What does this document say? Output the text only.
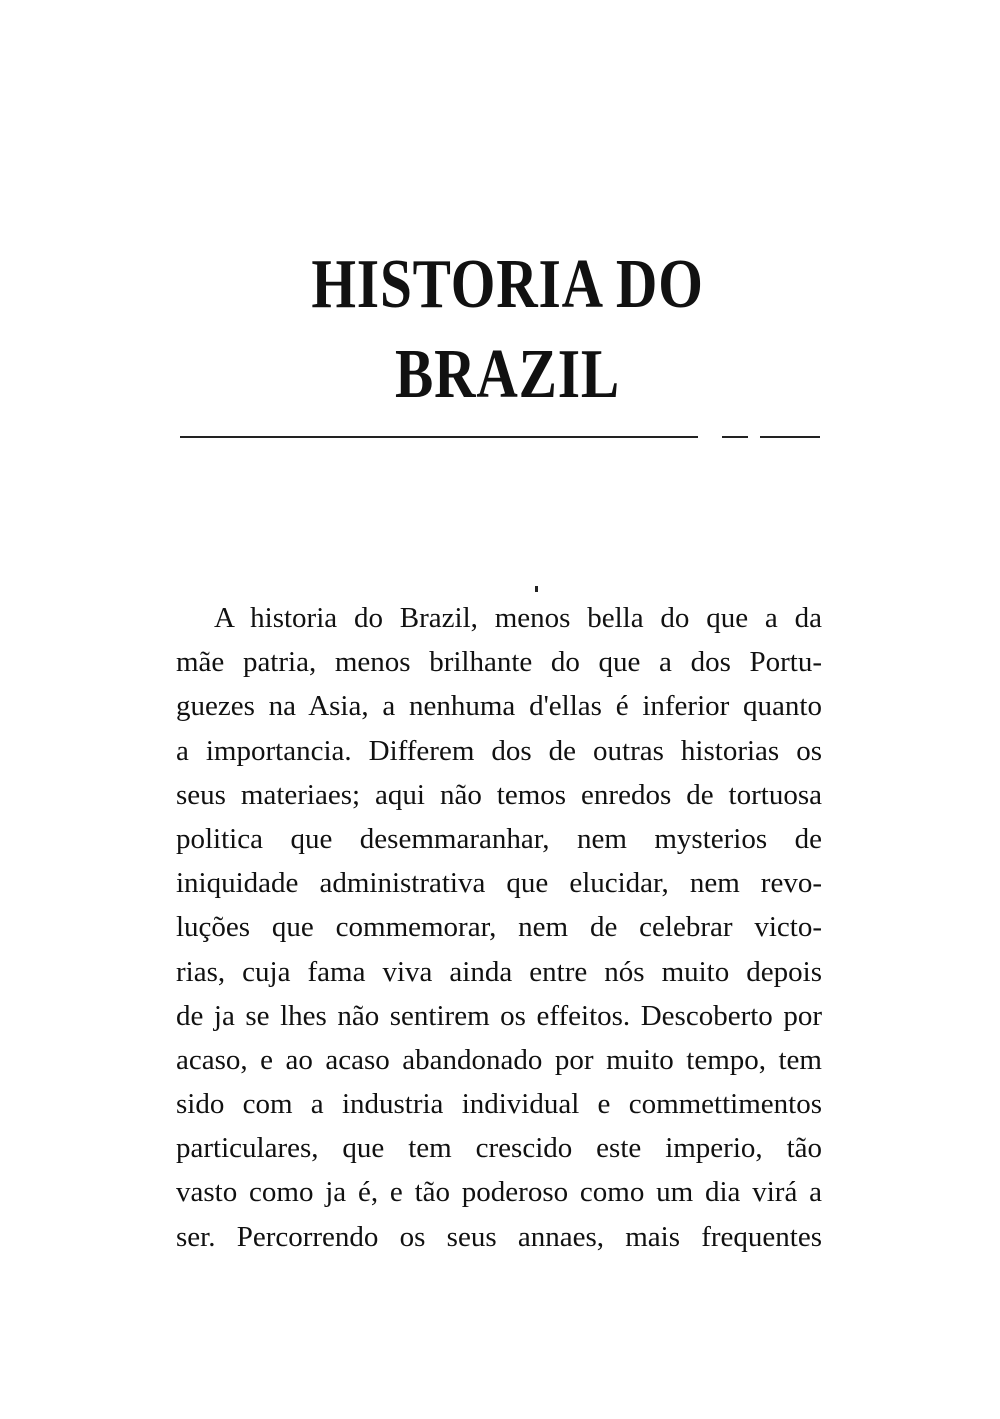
HISTORIA DO BRAZIL
A historia do Brazil, menos bella do que a da
mãe patria, menos brilhante do que a dos Portu-
guezes na Asia, a nenhuma d'ellas é inferior quanto
a importancia. Differem dos de outras historias os
seus materiaes; aqui não temos enredos de tortuosa
politica que desemmaranhar, nem mysterios de
iniquidade administrativa que elucidar, nem revo-
luções que commemorar, nem de celebrar victo-
rias, cuja fama viva ainda entre nós muito depois
de ja se lhes não sentirem os effeitos. Descoberto por
acaso, e ao acaso abandonado por muito tempo, tem
sido com a industria individual e commettimentos
particulares, que tem crescido este imperio, tão
vasto como ja é, e tão poderoso como um dia virá a
ser. Percorrendo os seus annaes, mais frequentes
